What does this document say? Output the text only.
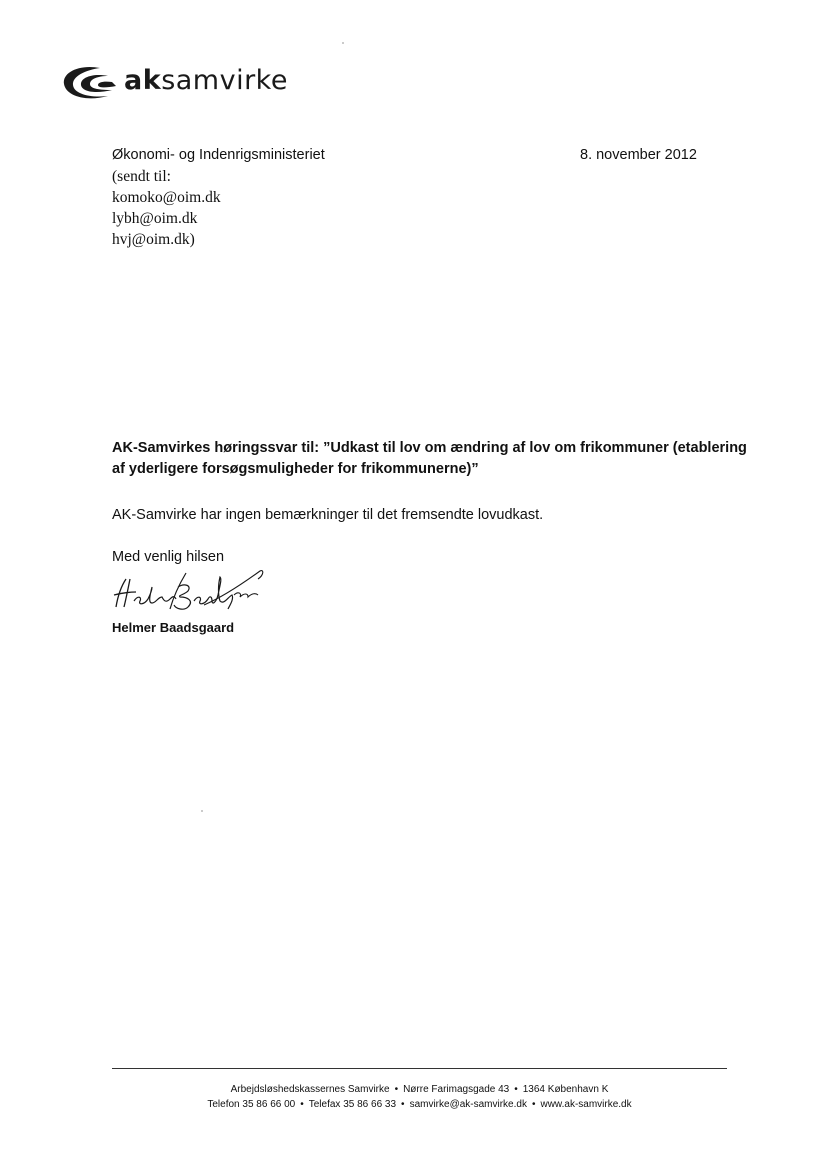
aksamvirke
Økonomi- og Indenrigsministeriet
(sendt til:
komoko@oim.dk
lybh@oim.dk
hvj@oim.dk)
8. november 2012
AK-Samvirkes høringssvar til: ”Udkast til lov om ændring af lov om frikommuner (etablering af yderligere forsøgsmuligheder for frikommunerne)”
AK-Samvirke har ingen bemærkninger til det fremsendte lovudkast.
Med venlig hilsen
Helmer Baadsgaard
Arbejdsløshedskassernes Samvirke • Nørre Farimagsgade 43 • 1364 København K
Telefon 35 86 66 00 • Telefax 35 86 66 33 • samvirke@ak-samvirke.dk • www.ak-samvirke.dk
